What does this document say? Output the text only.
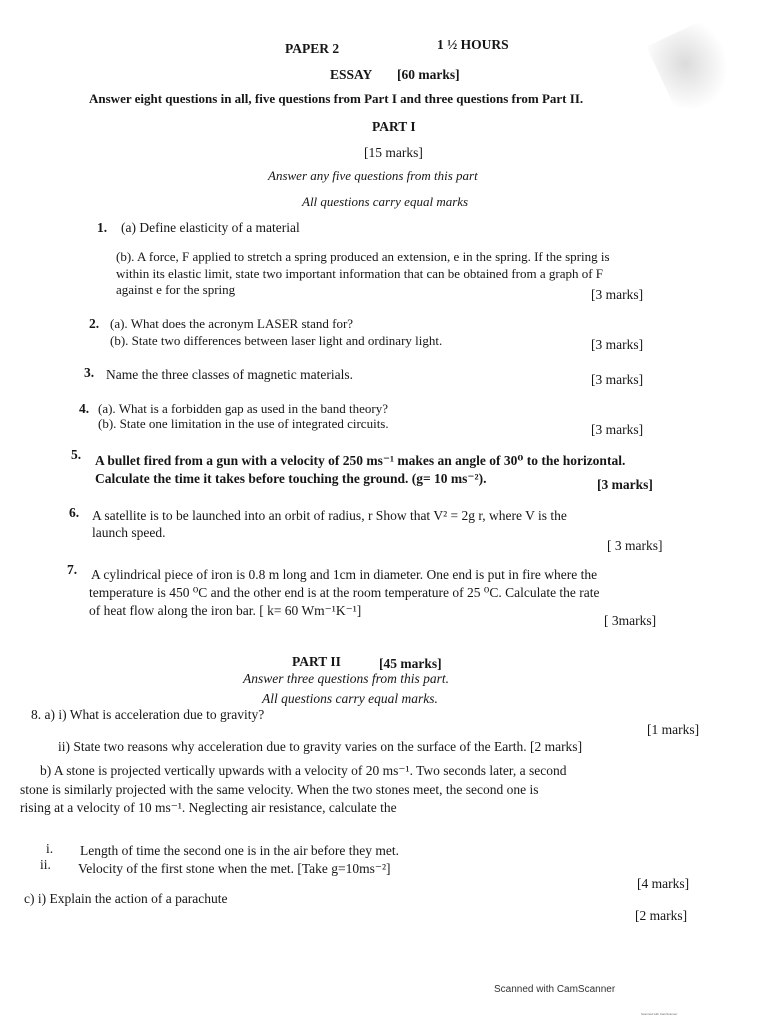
PAPER 2	1 ½ HOURS
ESSAY [60 marks]
Answer eight questions in all, five questions from Part I and three questions from Part II.
PART I
[15 marks]
Answer any five questions from this part
All questions carry equal marks
1. (a) Define elasticity of a material
(b). A force, F applied to stretch a spring produced an extension, e in the spring. If the spring is
within its elastic limit, state two important information that can be obtained from a graph of F
against e for the spring	[3 marks]
2. (a). What does the acronym LASER stand for?
(b). State two differences between laser light and ordinary light.	[3 marks]
3. Name the three classes of magnetic materials.	[3 marks]
4. (a). What is a forbidden gap as used in the band theory?
(b). State one limitation in the use of integrated circuits.	[3 marks]
5. A bullet fired from a gun with a velocity of 250 ms⁻¹ makes an angle of 30⁰ to the horizontal.
Calculate the time it takes before touching the ground. (g= 10 ms⁻²).	[3 marks]
6. A satellite is to be launched into an orbit of radius, r Show that V² = 2g r, where V is the
launch speed.
[ 3 marks]
7. A cylindrical piece of iron is 0.8 m long and 1cm in diameter. One end is put in fire where the
temperature is 450 ⁰C and the other end is at the room temperature of 25 ⁰C. Calculate the rate
of heat flow along the iron bar. [ k= 60 Wm⁻¹K⁻¹]
[ 3marks]
PART II	[45 marks]
Answer three questions from this part.
All questions carry equal marks.
8. a) i) What is acceleration due to gravity?
[1 marks]
ii) State two reasons why acceleration due to gravity varies on the surface of the Earth. [2 marks]
b) A stone is projected vertically upwards with a velocity of 20 ms⁻¹. Two seconds later, a second
stone is similarly projected with the same velocity. When the two stones meet, the second one is
rising at a velocity of 10 ms⁻¹. Neglecting air resistance, calculate the
i. Length of time the second one is in the air before they met.
ii. Velocity of the first stone when the met. [Take g=10ms⁻²]
[4 marks]
c) i) Explain the action of a parachute
[2 marks]
Scanned with CamScanner
Scanned with CamScanner
